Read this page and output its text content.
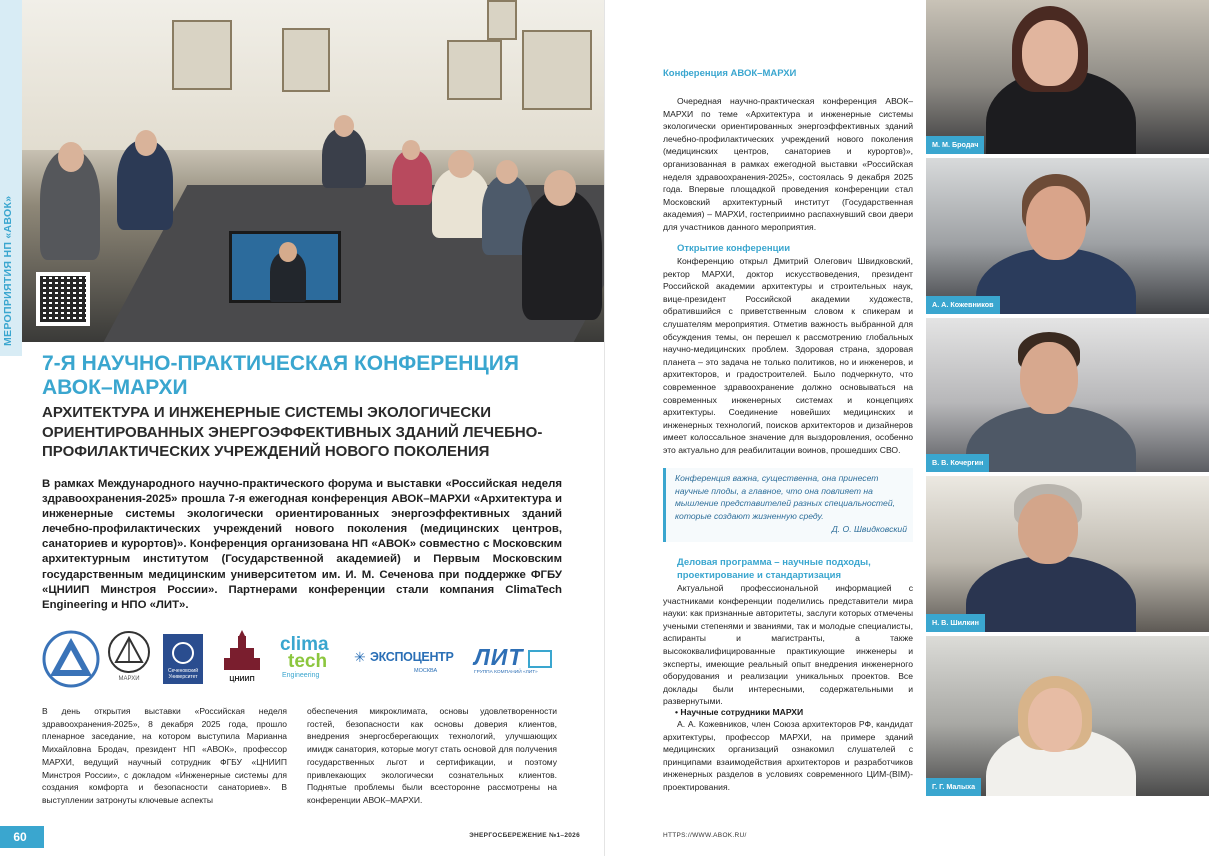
МЕРОПРИЯТИЯ НП «АВОК»
7-Я НАУЧНО-ПРАКТИЧЕСКАЯ КОНФЕРЕНЦИЯ АВОК–МАРХИ
АРХИТЕКТУРА И ИНЖЕНЕРНЫЕ СИСТЕМЫ ЭКОЛОГИЧЕСКИ ОРИЕНТИРОВАННЫХ ЭНЕРГОЭФФЕКТИВНЫХ ЗДАНИЙ ЛЕЧЕБНО-ПРОФИЛАКТИЧЕСКИХ УЧРЕЖДЕНИЙ НОВОГО ПОКОЛЕНИЯ

В рамках Международного научно-практического форума и выставки «Российская неделя здравоохранения-2025» прошла 7-я ежегодная конференция АВОК–МАРХИ «Архитектура и инженерные системы экологически ориентированных энергоэффективных зданий лечебно-профилактических учреждений нового поколения (медицинских центров, санаториев и курортов)». Конференция организована НП «АВОК» совместно с Московским архитектурным институтом (Государственной академией) и Первым Московским государственным медицинским университетом им. И. М. Сеченова при поддержке ФГБУ «ЦНИИП Минстроя России». Партнерами конференции стали компания ClimaTech Engineering и НПО «ЛИТ».

МАРХИ
Сеченовский Университет	ЦНИИП
clima
tech
Engineering
✳ ЭКСПОЦЕНТР
МОСКВА
ЛИТ
ГРУППА КОМПАНИЙ «ЛИТ»

В день открытия выставки «Российская неделя здравоохранения-2025», 8 декабря 2025 года, прошло пленарное заседание, на котором выступила Марианна Михайловна Бродач, президент НП «АВОК», профессор МАРХИ, ведущий научный сотрудник ФГБУ «ЦНИИП Минстроя России», с докладом «Инженерные системы для создания комфорта и безопасности санаториев». В выступлении затронуты ключевые аспекты

обеспечения микроклимата, основы удовлетворенности гостей, безопасности как основы доверия клиентов, внедрения энергосберегающих технологий, улучшающих имидж санатория, которые могут стать основой для получения государственных льгот и сертификации, и поэтому привлекающих экологически сознательных клиентов. Поднятые проблемы были всесторонне рассмотрены на конференции АВОК–МАРХИ.

60	ЭНЕРГОСБЕРЕЖЕНИЕ №1–2026
Конференция АВОК–МАРХИ

Очередная научно-практическая конференция АВОК–МАРХИ по теме «Архитектура и инженерные системы экологически ориентированных энергоэффективных зданий лечебно-профилактических учреждений нового поколения (медицинских центров, санаториев и курортов)», организованная в рамках ежегодной выставки «Российская неделя здравоохранения-2025», состоялась 9 декабря 2025 года. Впервые площадкой проведения конференции стал Московский архитектурный институт (Государственная академия) – МАРХИ, гостеприимно распахнувший свои двери для участников данного мероприятия.

Открытие конференции

Конференцию открыл Дмитрий Олегович Швидковский, ректор МАРХИ, доктор искусствоведения, президент Российской академии архитектуры и строительных наук, вице-президент Российской академии художеств, обратившийся с приветственным словом к спикерам и слушателям мероприятия. Отметив важность выбранной для обсуждения темы, он перешел к рассмотрению глобальных научно-медицинских проблем. Здоровая страна, здоровая планета – это задача не только политиков, но и инженеров, и архитекторов, и градостроителей. Было подчеркнуто, что современное здравоохранение должно основываться на современных инженерных системах и концепциях архитектуры. Соединение новейших медицинских и инженерных технологий, поисков архитекторов и дизайнеров имеет колоссальное значение для выздоровления, особенно это актуально для реабилитации воинов, прошедших СВО.

Конференция важна, существенна, она принесет научные плоды, а главное, что она повлияет на мышление представителей разных специальностей, которые создают жизненную среду.
Д. О. Швидковский
Деловая программа – научные подходы, проектирование и стандартизация

Актуальной профессиональной информацией с участниками конференции поделились представители мира науки: как признанные авторитеты, заслуги которых отмечены учеными степенями и званиями, так и молодые специалисты, аспиранты и магистранты, а также высококвалифицированные практикующие инженеры и эксперты, имеющие реальный опыт внедрения инженерного оборудования и реализации уникальных проектов. Все доклады были интересными, содержательными и развернутыми.

• Научные сотрудники МАРХИ

А. А. Кожевников, член Союза архитекторов РФ, кандидат архитектуры, профессор МАРХИ, на примере зданий медицинских организаций ознакомил слушателей с принципами взаимодействия архитекторов и разработчиков инженерных разделов в условиях современного ЦИМ-(BIM)-проектирования.

HTTPS://WWW.ABOK.RU/
М. М. Бродач
А. А. Кожевников
В. В. Кочергин
Н. В. Шилкин
Г. Г. Малыха
